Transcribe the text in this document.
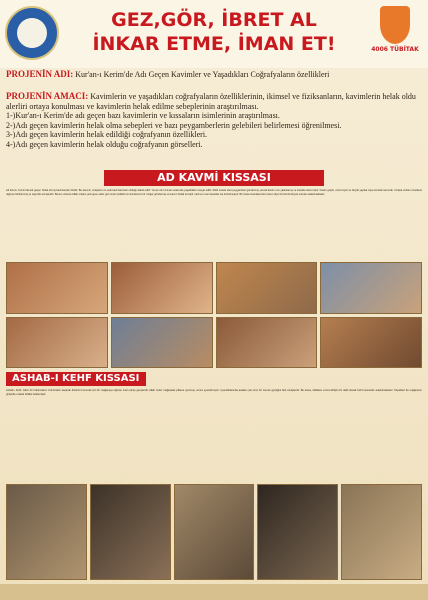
GEZ,GÖR, İBRET AL
İNKAR ETME, İMAN ET!	4006 TÜBİTAK
PROJENİN ADI: Kur'an-ı Kerim'de Adı Geçen Kavimler ve Yaşadıkları Coğrafyaların özellikleri
PROJENİN AMACI: Kavimlerin ve yaşadıkları coğrafyaların özelliklerinin, ikimsel ve fiziksanların, kavimlerin helak oldu alerliri ortaya konulması ve kavimlerin helak edilme sebeplerinin araştırılması.
1-)Kur'an-ı Kerim'de adı geçen bazı kavimlerin ve kıssaların isimlerinin araştırılması.
2-)Adı geçen kavimlerin helak olma sebepleri ve bazı peygamberlerin gelebileri belirlemesi öğrenilmesi.
3-)Adı geçen kavimlerin helak edildiği coğrafyanın özellikleri.
4-)Adı geçen kavimlerin helak olduğu coğrafyanın görselleri.
AD KAVMİ KISSASI
Ad kavmi, Kur'an'da adı geçen helak olmuş kavimlerden biridir. Bu kavmin, Arapların en eski kavimlerinden olduğu kabul edilir. Yemen ile Umman arasında yaşadıkları rivayet edilir. Allah onlara Hud peygamberi göndermiş, ancak kavim onu yalanlamış ve inkarda direnmiştir. Kavim güçlü, uzun boylu ve büyük yapılar inşa etmekle tanınırdı. Onlara verilen nimetlere rağmen kibirlenmiş ve azgınlık etmişlerdir. Bunun üzerine Allah onlara yedi gece sekiz gün süren şiddetli ve dondurucu bir rüzgar göndermiş ve kavmi helak etmiştir. Hud ve ona inananlar ise kurtulmuştur. Bu kıssa insanlara ibret olsun diye Kur'an'da birçok surede anlatılmaktadır.
ASHAB-I KEHF KISSASI
Ashab-ı Kehf, zalim bir hükümdarın zulmünden kaçarak dinlerini korumak için bir mağaraya sığınan iman etmiş gençlerdir. Allah onları mağarada yıllarca uyutmuş, sonra uyandırmıştır. Uyandıklarında aradan çok uzun bir zaman geçtiğini fark etmişlerdir. Bu kıssa, öldükten sonra dirilişin bir delili olarak Kehf suresinde anlatılmaktadır. Köpekleri de mağaranın girişinde onlarla birlikte beklemiştir.
